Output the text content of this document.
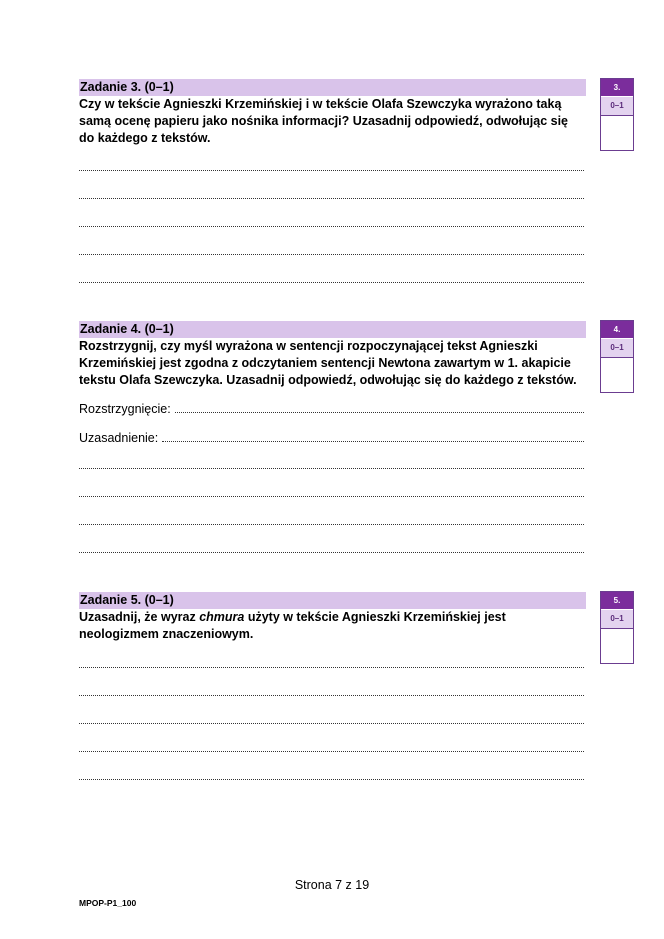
Zadanie 3. (0–1)
Czy w tekście Agnieszki Krzemińskiej i w tekście Olafa Szewczyka wyrażono taką samą ocenę papieru jako nośnika informacji? Uzasadnij odpowiedź, odwołując się do każdego z tekstów.
3.
0–1
Zadanie 4. (0–1)
Rozstrzygnij, czy myśl wyrażona w sentencji rozpoczynającej tekst Agnieszki Krzemińskiej jest zgodna z odczytaniem sentencji Newtona zawartym w 1. akapicie tekstu Olafa Szewczyka. Uzasadnij odpowiedź, odwołując się do każdego z tekstów.
4.
0–1
Rozstrzygnięcie:
Uzasadnienie:
Zadanie 5. (0–1)
Uzasadnij, że wyraz chmura użyty w tekście Agnieszki Krzemińskiej jest neologizmem znaczeniowym.
5.
0–1
Strona 7 z 19
MPOP-P1_100
